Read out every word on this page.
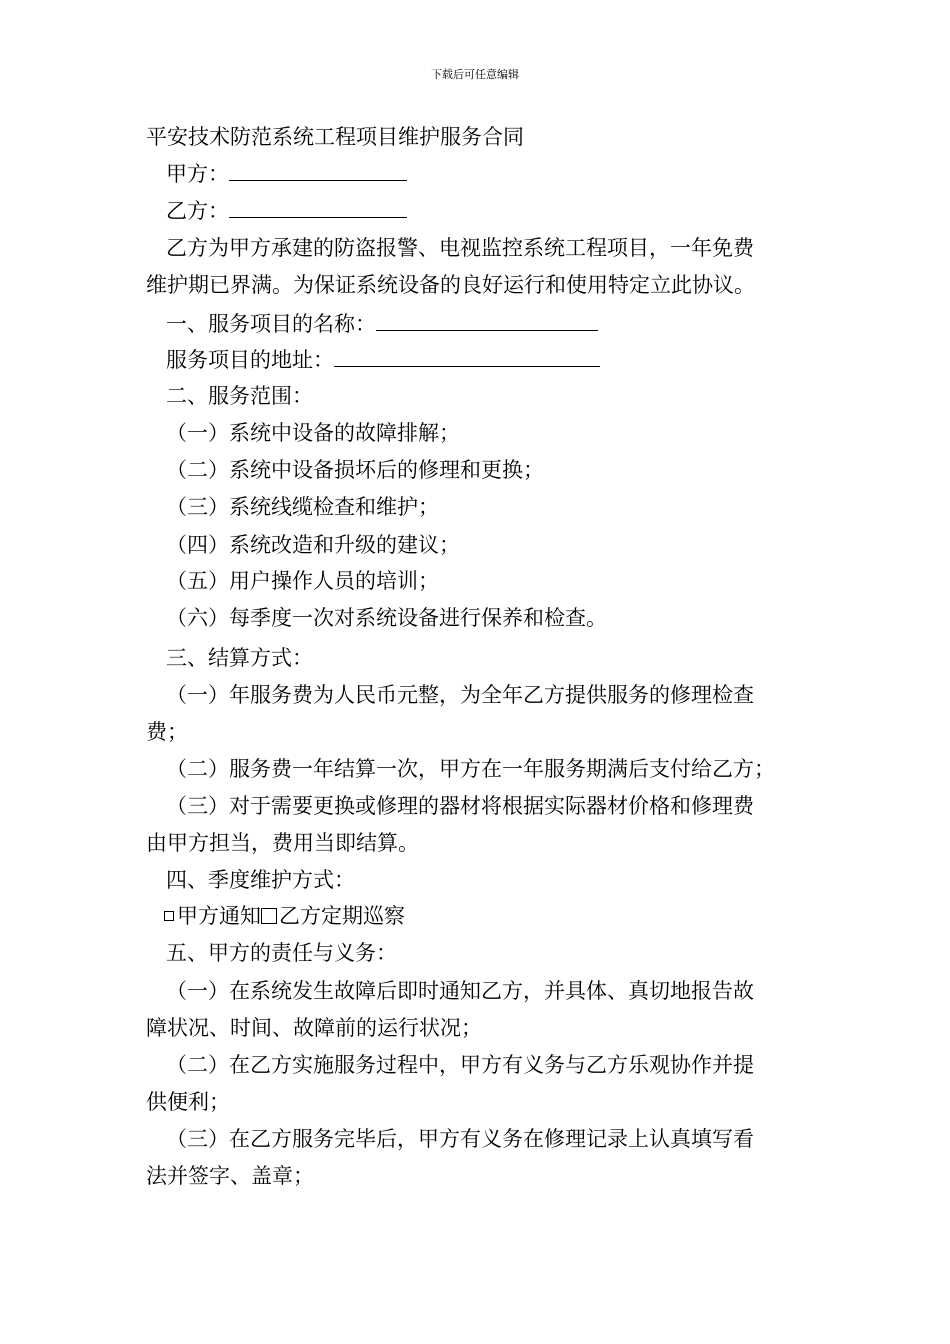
下载后可任意编辑
平安技术防范系统工程项目维护服务合同
甲方：
乙方：
乙方为甲方承建的防盗报警、电视监控系统工程项目，一年免费
维护期已界满。为保证系统设备的良好运行和使用特定立此协议。
一、服务项目的名称：
服务项目的地址：
二、服务范围：
（一）系统中设备的故障排解；
（二）系统中设备损坏后的修理和更换；
（三）系统线缆检查和维护；
（四）系统改造和升级的建议；
（五）用户操作人员的培训；
（六）每季度一次对系统设备进行保养和检查。
三、结算方式：
（一）年服务费为人民币元整，为全年乙方提供服务的修理检查
费；
（二）服务费一年结算一次，甲方在一年服务期满后支付给乙方；
（三）对于需要更换或修理的器材将根据实际器材价格和修理费
由甲方担当，费用当即结算。
四、季度维护方式：
甲方通知 乙方定期巡察
五、甲方的责任与义务：
（一）在系统发生故障后即时通知乙方，并具体、真切地报告故
障状况、时间、故障前的运行状况；
（二）在乙方实施服务过程中，甲方有义务与乙方乐观协作并提
供便利；
（三）在乙方服务完毕后，甲方有义务在修理记录上认真填写看
法并签字、盖章；
